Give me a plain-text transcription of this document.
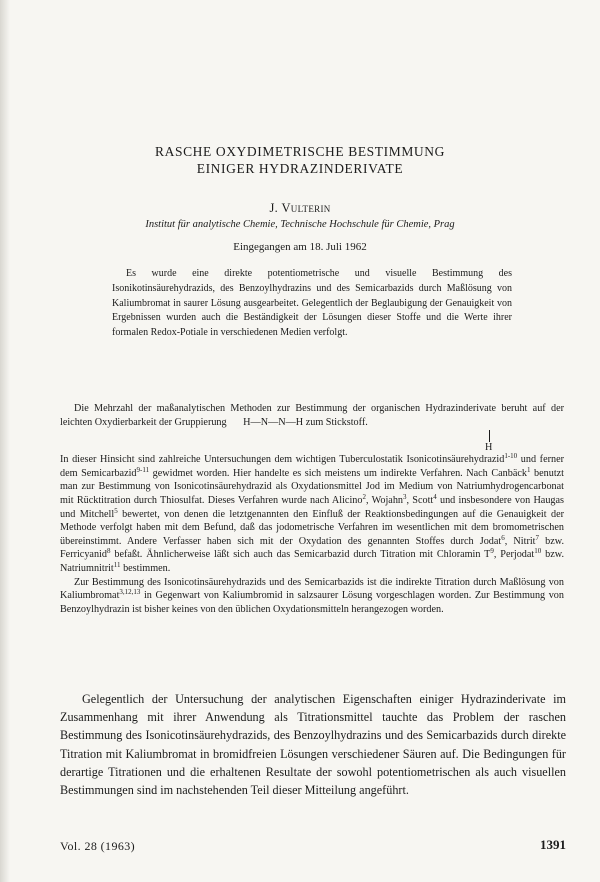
RASCHE OXYDIMETRISCHE BESTIMMUNG
EINIGER HYDRAZINDERIVATE
J. Vulterin
Institut für analytische Chemie, Technische Hochschule für Chemie, Prag
Eingegangen am 18. Juli 1962

Es wurde eine direkte potentiometrische und visuelle Bestimmung des Isonikotinsäurehydrazids, des Benzoylhydrazins und des Semicarbazids durch Maßlösung von Kaliumbromat in saurer Lösung ausgearbeitet. Gelegentlich der Beglaubigung der Genauigkeit von Ergebnissen wurden auch die Beständigkeit der Lösungen dieser Stoffe und die Werte ihrer formalen Redox-Potiale in verschiedenen Medien verfolgt.

Die Mehrzahl der maßanalytischen Methoden zur Bestimmung der organischen Hydrazinderivate beruht auf der leichten Oxydierbarkeit der Gruppierung H—N—N—H zum Stickstoff.

In dieser Hinsicht sind zahlreiche Untersuchungen dem wichtigen Tuberculostatik Isonicotinsäurehydrazid$^{1-10}$ und ferner dem Semicarbazid$^{9-11}$ gewidmet worden. Hier handelte es sich meistens um indirekte Verfahren. Nach Canbäck$^1$ benutzt man zur Bestimmung von Isonicotinsäurehydrazid als Oxydationsmittel Jod im Medium von Natriumhydrogencarbonat mit Rücktitration durch Thiosulfat. Dieses Verfahren wurde nach Alicino$^2$, Wojahn$^3$, Scott$^4$ und insbesondere von Haugas und Mitchell$^5$ bewertet, von denen die letztgenannten den Einfluß der Reaktionsbedingungen auf die Genauigkeit der Methode verfolgt haben mit dem Befund, daß das jodometrische Verfahren im wesentlichen mit dem bromometrischen übereinstimmt. Andere Verfasser haben sich mit der Oxydation des genannten Stoffes durch Jodat$^6$, Nitrit$^7$ bzw. Ferricyanid$^8$ befaßt. Ähnlicherweise läßt sich auch das Semicarbazid durch Titration mit Chloramin $T^9$, Perjodat$^{10}$ bzw. Natriumnitrit$^{11}$ bestimmen.

Zur Bestimmung des Isonicotinsäurehydrazids und des Semicarbazids ist die indirekte Titration durch Maßlösung von Kaliumbromat$^{3,12,13}$ in Gegenwart von Kaliumbromid in salzsaurer Lösung vorgeschlagen worden. Zur Bestimmung von Benzoylhydrazin ist bisher keines von den üblichen Oxydationsmitteln herangezogen worden.

H

Gelegentlich der Untersuchung der analytischen Eigenschaften einiger Hydrazinderivate im Zusammenhang mit ihrer Anwendung als Titrationsmittel tauchte das Problem der raschen Bestimmung des Isonicotinsäurehydrazids, des Benzoylhydrazins und des Semicarbazids durch direkte Titration mit Kaliumbromat in bromidfreien Lösungen verschiedener Säuren auf. Die Bedingungen für derartige Titrationen und die erhaltenen Resultate der sowohl potentiometrischen als auch visuellen Bestimmungen sind im nachstehenden Teil dieser Mitteilung angeführt.

Vol. 28 (1963)	1391
